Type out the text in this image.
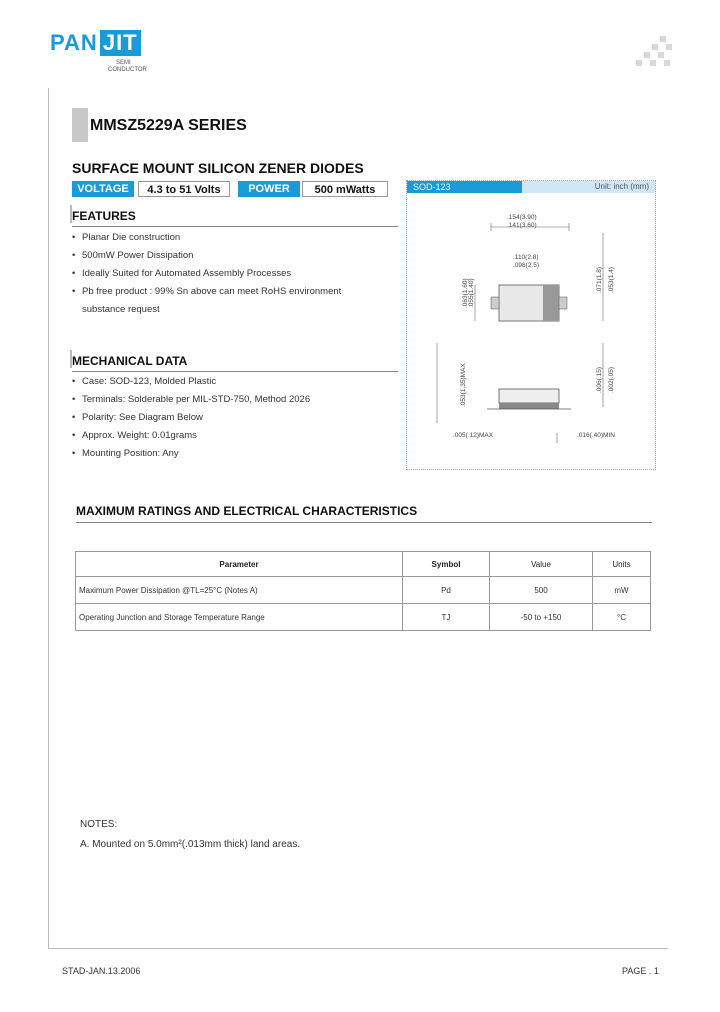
PAN JIT
SEMI
CONDUCTOR
MMSZ5229A SERIES
SURFACE MOUNT SILICON ZENER DIODES
VOLTAGE	4.3 to 51 Volts	POWER	500 mWatts
FEATURES
• Planar Die construction
• 500mW Power Dissipation
• Ideally Suited for Automated Assembly Processes
• Pb free product : 99% Sn above can meet RoHS environment
substance request
MECHANICAL DATA
• Case: SOD-123, Molded Plastic
• Terminals: Solderable per MIL-STD-750, Method 2026
• Polarity: See Diagram Below
• Approx. Weight: 0.01grams
• Mounting Position: Any
SOD-123	Unit: inch (mm)
.154(3.90)
.141(3.60)
.110(2.8)
.098(2.5)
.063(1.60) .055(1.40)	.071(1.8) .053(1.4)
.053(1.35)MAX	.006(.15) .002(.05)
.005(.12)MAX	.016(.40)MIN
MAXIMUM RATINGS AND ELECTRICAL CHARACTERISTICS
Parameter	Symbol	Value	Units
Maximum Power Dissipation @TL=25°C (Notes A)	Pd	500	mW
Operating Junction and Storage Temperature Range	TJ	-50 to +150	°C
NOTES:
A. Mounted on 5.0mm²(.013mm thick) land areas.
STAD-JAN.13.2006	PAGE . 1
